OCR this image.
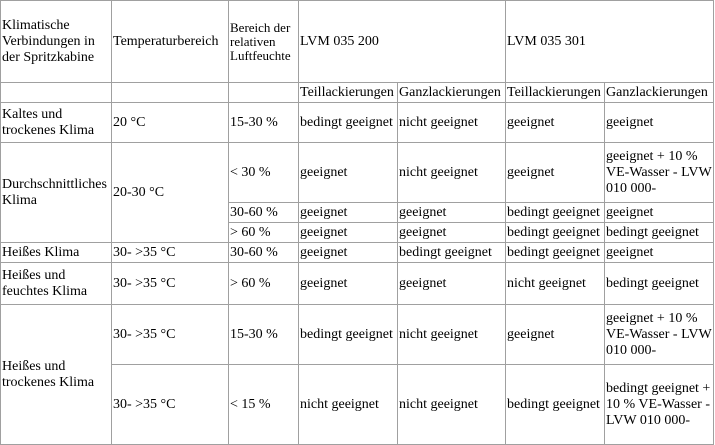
Klimatische Verbindungen in der Spritzkabine	Temperaturbereich	Bereich der relativen Luftfeuchte	LVM 035 200		LVM 035 301	
			Teillackierungen	Ganzlackierungen	Teillackierungen	Ganzlackierungen
Kaltes und trockenes Klima	20 °C	15-30 %	bedingt geeignet	nicht geeignet	geeignet	geeignet
Durchschnittliches Klima	20-30 °C	< 30 %	geeignet	nicht geeignet	geeignet	geeignet + 10 % VE-Wasser - LVW 010 000-
		30-60 %	geeignet	geeignet	bedingt geeignet	geeignet
		> 60 %	geeignet	geeignet	bedingt geeignet	bedingt geeignet
Heißes Klima	30- >35 °C	30-60 %	geeignet	bedingt geeignet	bedingt geeignet	geeignet
Heißes und feuchtes Klima	30- >35 °C	> 60 %	geeignet	geeignet	nicht geeignet	bedingt geeignet
Heißes und trockenes Klima	30- >35 °C	15-30 %	bedingt geeignet	nicht geeignet	geeignet	geeignet + 10 % VE-Wasser - LVW 010 000-
	30- >35 °C	< 15 %	nicht geeignet	nicht geeignet	bedingt geeignet	bedingt geeignet + 10 % VE-Wasser -LVW 010 000-
